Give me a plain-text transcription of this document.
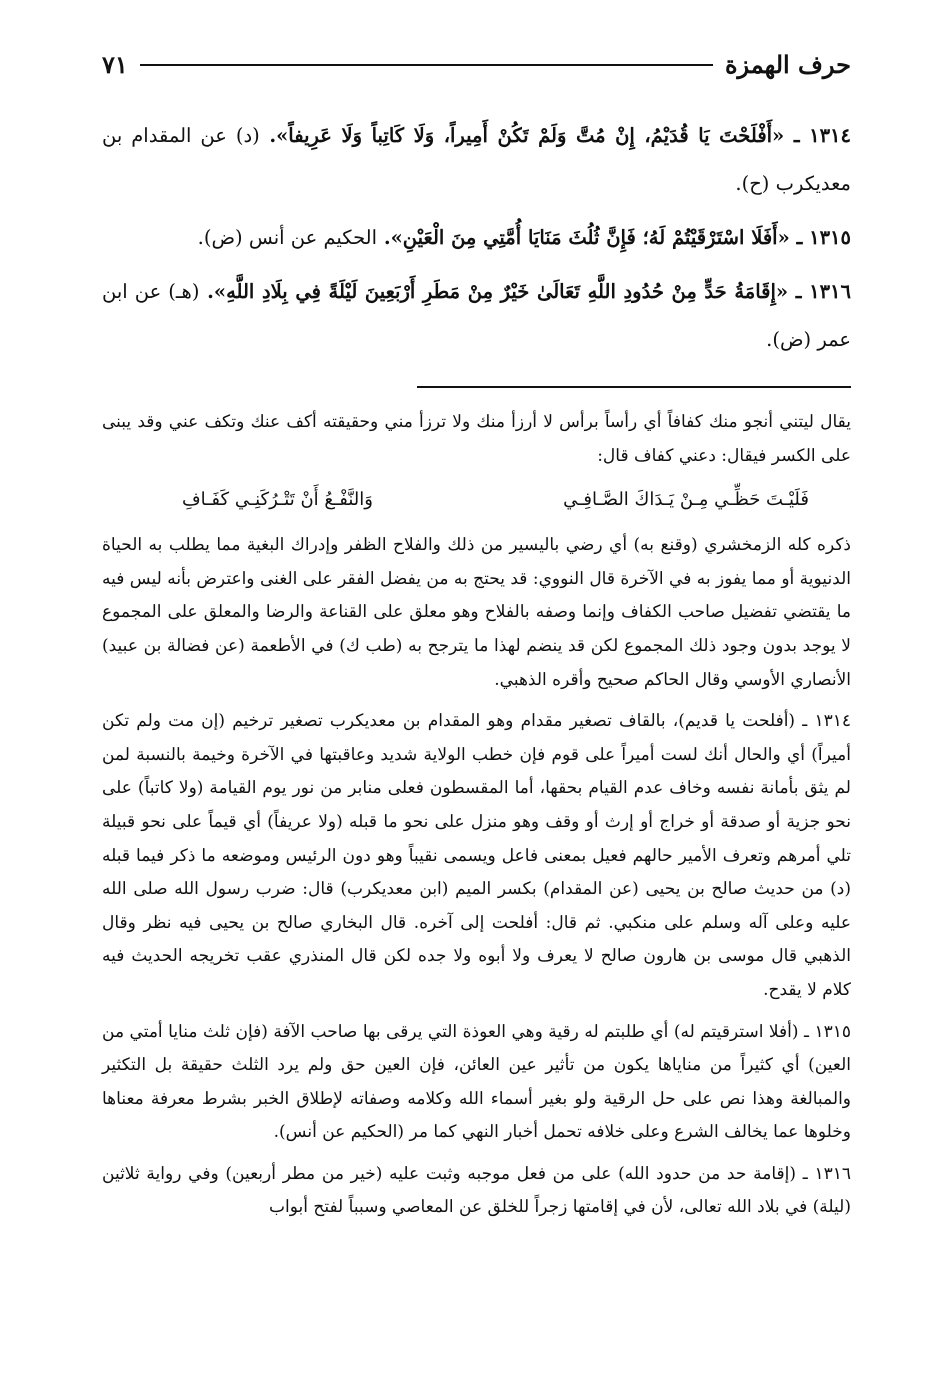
حرف الهمزة
٧١

١٣١٤ ـ «أَفْلَحْتَ يَا قُدَيْمُ، إِنْ مُتَّ وَلَمْ تَكُنْ أَمِيراً، وَلَا كَاتِباً وَلَا عَرِيفاً». (د) عن المقدام بن معديكرب (ح).

١٣١٥ ـ «أَفَلَا اسْتَرْقَيْتُمْ لَهُ؛ فَإِنَّ ثُلُثَ مَنَايَا أُمَّتِي مِنَ الْعَيْنِ». الحكيم عن أنس (ض).

١٣١٦ ـ «إِقَامَةُ حَدٍّ مِنْ حُدُودِ اللَّهِ تَعَالَىٰ خَيْرٌ مِنْ مَطَرِ أَرْبَعِينَ لَيْلَةً فِي بِلَادِ اللَّهِ». (هـ) عن ابن عمر (ض).

يقال ليتني أنجو منك كفافاً أي رأساً برأس لا أرزأ منك ولا ترزأ مني وحقيقته أكف عنك وتكف عني وقد يبنى على الكسر فيقال: دعني كفاف قال:

فَلَيْـتَ حَظِّـي مِـنْ يَـدَاكَ الصَّـافِـي
وَالنَّفْـعُ أَنْ تَتْـرُكَنِـي كَفَـافِ

ذكره كله الزمخشري (وقنع به) أي رضي باليسير من ذلك والفلاح الظفر وإدراك البغية مما يطلب به الحياة الدنيوية أو مما يفوز به في الآخرة قال النووي: قد يحتج به من يفضل الفقر على الغنى واعترض بأنه ليس فيه ما يقتضي تفضيل صاحب الكفاف وإنما وصفه بالفلاح وهو معلق على القناعة والرضا والمعلق على المجموع لا يوجد بدون وجود ذلك المجموع لكن قد ينضم لهذا ما يترجح به (طب ك) في الأطعمة (عن فضالة بن عبيد) الأنصاري الأوسي وقال الحاكم صحيح وأقره الذهبي.

١٣١٤ ـ (أفلحت يا قديم)، بالقاف تصغير مقدام وهو المقدام بن معديكرب تصغير ترخيم (إن مت ولم تكن أميراً) أي والحال أنك لست أميراً على قوم فإن خطب الولاية شديد وعاقبتها في الآخرة وخيمة بالنسبة لمن لم يثق بأمانة نفسه وخاف عدم القيام بحقها، أما المقسطون فعلى منابر من نور يوم القيامة (ولا كاتباً) على نحو جزية أو صدقة أو خراج أو إرث أو وقف وهو منزل على نحو ما قبله (ولا عريفاً) أي قيماً على نحو قبيلة تلي أمرهم وتعرف الأمير حالهم فعيل بمعنى فاعل ويسمى نقيباً وهو دون الرئيس وموضعه ما ذكر فيما قبله (د) من حديث صالح بن يحيى (عن المقدام) بكسر الميم (ابن معديكرب) قال: ضرب رسول الله صلى الله عليه وعلى آله وسلم على منكبي. ثم قال: أفلحت إلى آخره. قال البخاري صالح بن يحيى فيه نظر وقال الذهبي قال موسى بن هارون صالح لا يعرف ولا أبوه ولا جده لكن قال المنذري عقب تخريجه الحديث فيه كلام لا يقدح.

١٣١٥ ـ (أفلا استرقيتم له) أي طلبتم له رقية وهي العوذة التي يرقى بها صاحب الآفة (فإن ثلث منايا أمتي من العين) أي كثيراً من مناياها يكون من تأثير عين العائن، فإن العين حق ولم يرد الثلث حقيقة بل التكثير والمبالغة وهذا نص على حل الرقية ولو بغير أسماء الله وكلامه وصفاته لإطلاق الخبر بشرط معرفة معناها وخلوها عما يخالف الشرع وعلى خلافه تحمل أخبار النهي كما مر (الحكيم عن أنس).

١٣١٦ ـ (إقامة حد من حدود الله) على من فعل موجبه وثبت عليه (خير من مطر أربعين) وفي رواية ثلاثين (ليلة) في بلاد الله تعالى، لأن في إقامتها زجراً للخلق عن المعاصي وسبباً لفتح أبواب
